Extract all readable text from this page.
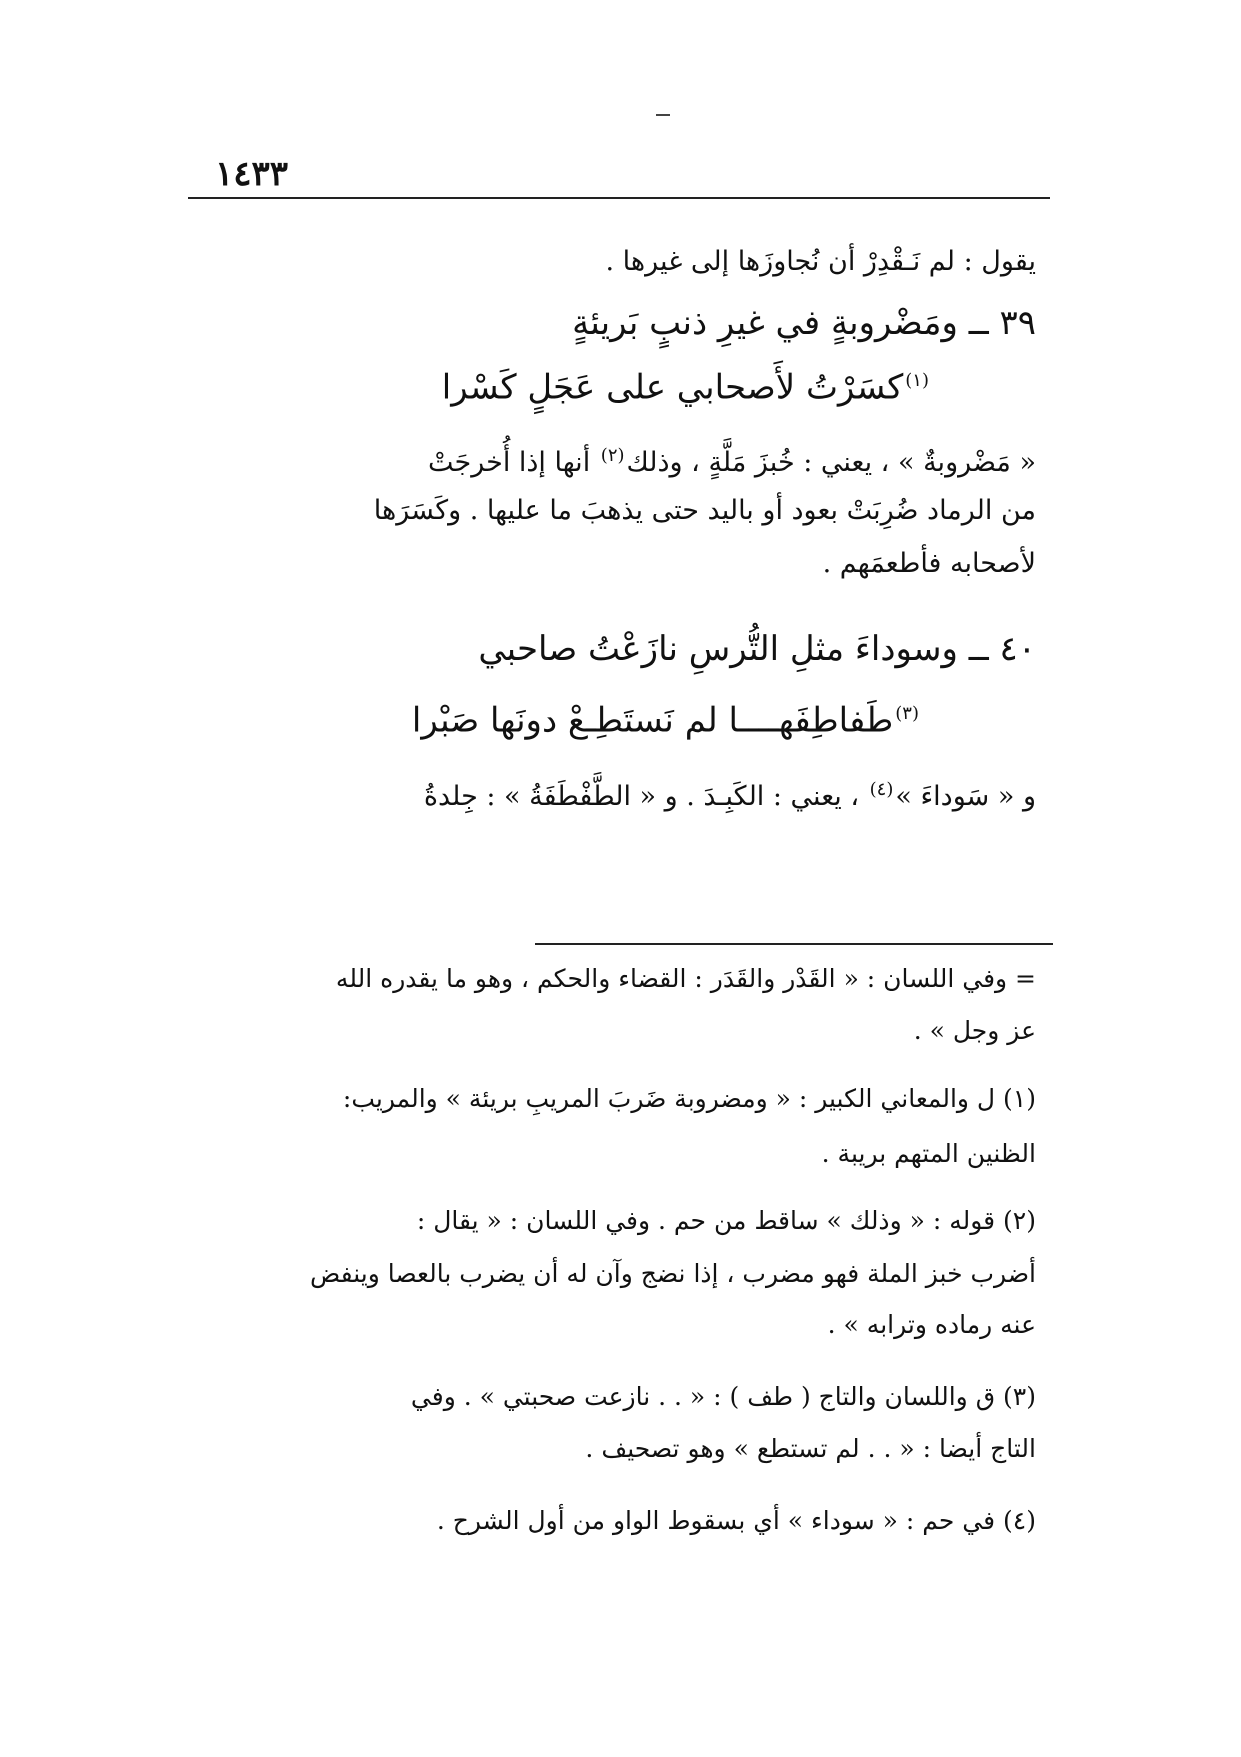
١٤٣٣
يقول : لم نَـقْدِرْ أن نُجاوزَها إلى غيرها .
٣٩ ــ ومَضْروبةٍ في غيرِ ذنبٍ بَريئةٍ
$^{(١)}$كسَرْتُ لأَصحابي على عَجَلٍ كَسْرا
« مَضْروبةٌ » ، يعني : خُبزَ مَلَّةٍ ، وذلك$^{(٢)}$ أنها إذا أُخرجَتْ
من الرماد ضُرِبَتْ بعود أو باليد حتى يذهبَ ما عليها . وكَسَرَها
لأصحابه فأطعمَهم .
٤٠ ــ وسوداءَ مثلِ التُّرسِ نازَعْتُ صاحبي
$^{(٣)}$طَفاطِفَهــــا لم نَستَطِـعْ دونَها صَبْرا
و « سَوداءَ »$^{(٤)}$ ، يعني : الكَبِـدَ . و « الطَّفْطَفَةُ » : جِلدةُ
= وفي اللسان : « القَدْر والقَدَر : القضاء والحكم ، وهو ما يقدره الله
عز وجل » .
(١) ل والمعاني الكبير : « ومضروبة ضَربَ المريبِ بريئة » والمريب:
الظنين المتهم بريبة .
(٢) قوله : « وذلك » ساقط من حم . وفي اللسان : « يقال :
أضرب خبز الملة فهو مضرب ، إذا نضج وآن له أن يضرب بالعصا وينفض
عنه رماده وترابه » .
(٣) ق واللسان والتاج ( طف ) : « . . نازعت صحبتي » . وفي
التاج أيضا : « . . لم تستطع » وهو تصحيف .
(٤) في حم : « سوداء » أي بسقوط الواو من أول الشرح .
